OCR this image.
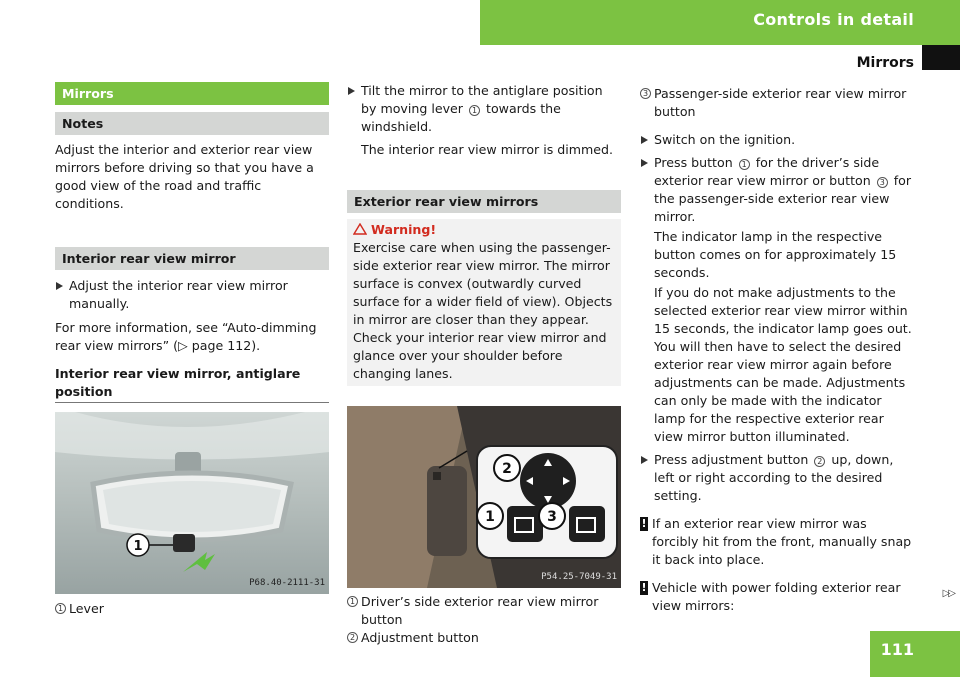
Controls in detail
Mirrors
Mirrors
Notes

Adjust the interior and exterior rear view mirrors before driving so that you have a good view of the road and traffic conditions.

Interior rear view mirror

Adjust the interior rear view mirror manually.

For more information, see “Auto-dimming rear view mirrors” (▷ page 112).

Interior rear view mirror, antiglare position

1
P68.40-2111-31

1 Lever

Tilt the mirror to the antiglare position by moving lever 1 towards the windshield.

The interior rear view mirror is dimmed.

Exterior rear view mirrors

Warning!

Exercise care when using the passenger-side exterior rear view mirror. The mirror surface is convex (outwardly curved surface for a wider field of view). Objects in mirror are closer than they appear. Check your interior rear view mirror and glance over your shoulder before changing lanes.

2
1	3
P54.25-7049-31

1 Driver’s side exterior rear view mirror button

2 Adjustment button

3 Passenger-side exterior rear view mirror button

Switch on the ignition.

Press button 1 for the driver’s side exterior rear view mirror or button 3 for the passenger-side exterior rear view mirror.

The indicator lamp in the respective button comes on for approximately 15 seconds.

If you do not make adjustments to the selected exterior rear view mirror within 15 seconds, the indicator lamp goes out. You will then have to select the desired exterior rear view mirror again before adjustments can be made. Adjustments can only be made with the indicator lamp for the respective exterior rear view mirror button illuminated.

Press adjustment button 2 up, down, left or right according to the desired setting.

! If an exterior rear view mirror was forcibly hit from the front, manually snap it back into place.

! Vehicle with power folding exterior rear view mirrors:

▷▷
111
